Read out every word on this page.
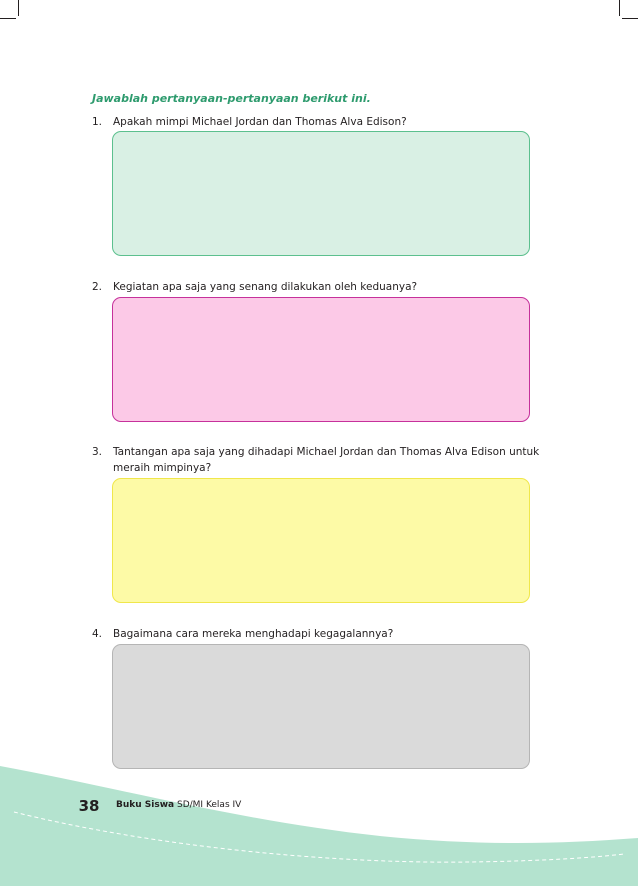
Jawablah pertanyaan-pertanyaan berikut ini.
1.	Apakah mimpi Michael Jordan dan Thomas Alva Edison?
2.	Kegiatan apa saja yang senang dilakukan oleh keduanya?
3.	Tantangan apa saja yang dihadapi Michael Jordan dan Thomas Alva Edison untuk meraih mimpinya?
4.	Bagaimana cara mereka menghadapi kegagalannya?
38 Buku Siswa SD/MI Kelas IV
